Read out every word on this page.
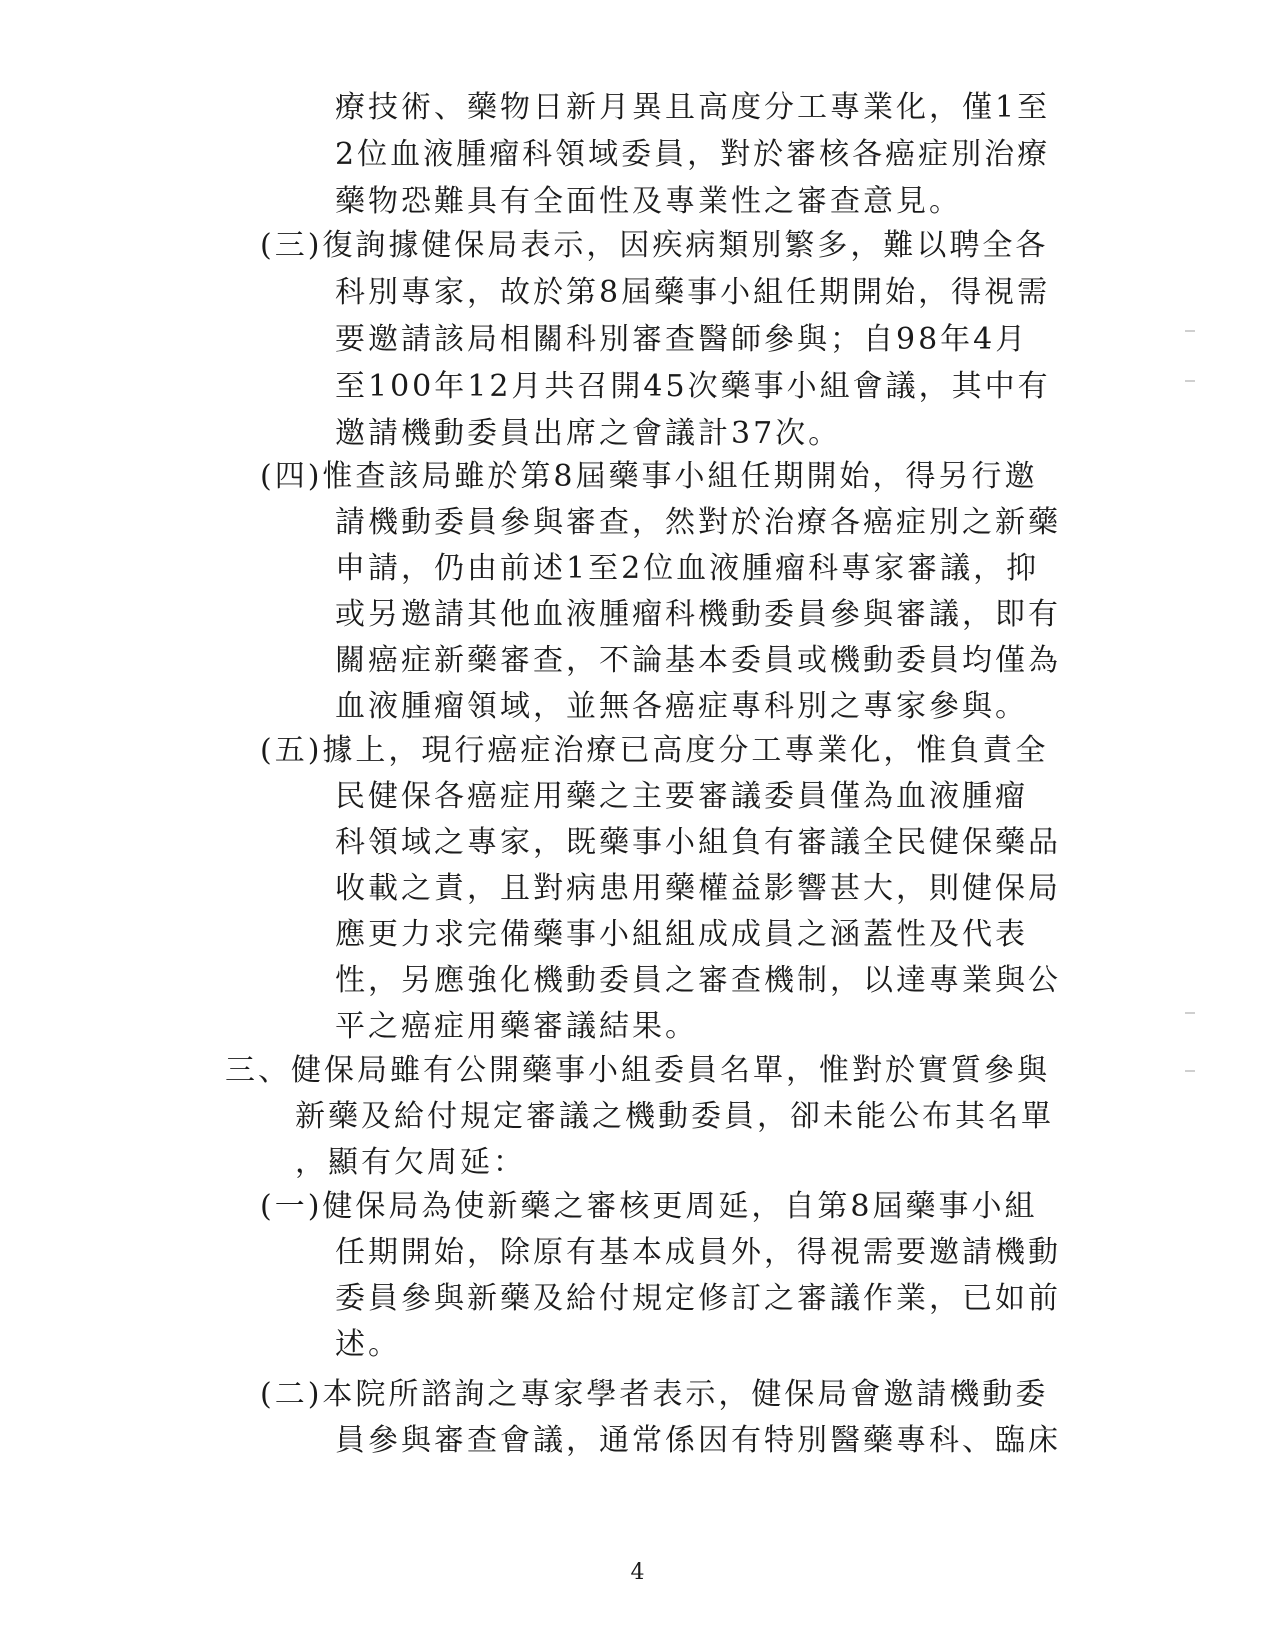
療技術、藥物日新月異且高度分工專業化，僅1至
2位血液腫瘤科領域委員，對於審核各癌症別治療
藥物恐難具有全面性及專業性之審查意見。
(三)復詢據健保局表示，因疾病類別繁多，難以聘全各
科別專家，故於第8屆藥事小組任期開始，得視需
要邀請該局相關科別審查醫師參與；自98年4月
至100年12月共召開45次藥事小組會議，其中有
邀請機動委員出席之會議計37次。
(四)惟查該局雖於第8屆藥事小組任期開始，得另行邀
請機動委員參與審查，然對於治療各癌症別之新藥
申請，仍由前述1至2位血液腫瘤科專家審議，抑
或另邀請其他血液腫瘤科機動委員參與審議，即有
關癌症新藥審查，不論基本委員或機動委員均僅為
血液腫瘤領域，並無各癌症專科別之專家參與。
(五)據上，現行癌症治療已高度分工專業化，惟負責全
民健保各癌症用藥之主要審議委員僅為血液腫瘤
科領域之專家，既藥事小組負有審議全民健保藥品
收載之責，且對病患用藥權益影響甚大，則健保局
應更力求完備藥事小組組成成員之涵蓋性及代表
性，另應強化機動委員之審查機制，以達專業與公
平之癌症用藥審議結果。
三、健保局雖有公開藥事小組委員名單，惟對於實質參與
新藥及給付規定審議之機動委員，卻未能公布其名單
，顯有欠周延：
(一)健保局為使新藥之審核更周延，自第8屆藥事小組
任期開始，除原有基本成員外，得視需要邀請機動
委員參與新藥及給付規定修訂之審議作業，已如前
述。
(二)本院所諮詢之專家學者表示，健保局會邀請機動委
員參與審查會議，通常係因有特別醫藥專科、臨床
4
